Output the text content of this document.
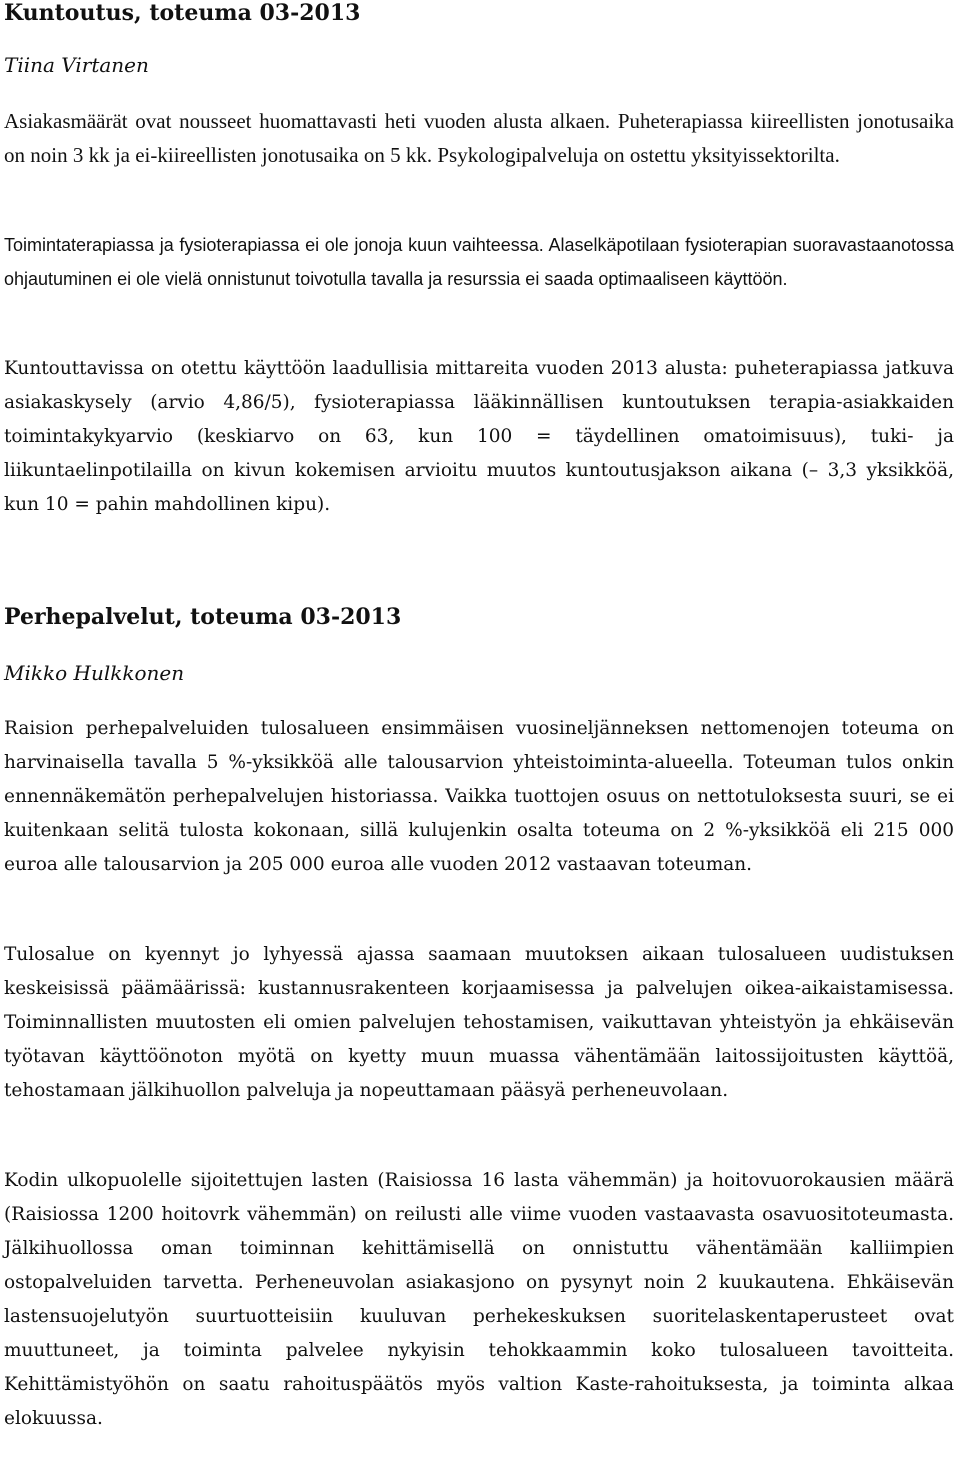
Kuntoutus, toteuma 03-2013

Tiina Virtanen

Asiakasmäärät ovat nousseet huomattavasti heti vuoden alusta alkaen. Puheterapiassa kiireellisten jonotusaika on noin 3 kk ja ei-kiireellisten jonotusaika on 5 kk. Psykologipalveluja on ostettu yksityissektorilta.

Toimintaterapiassa ja fysioterapiassa ei ole jonoja kuun vaihteessa. Alaselkäpotilaan fysioterapian suoravastaanotossa ohjautuminen ei ole vielä onnistunut toivotulla tavalla ja resurssia ei saada optimaaliseen käyttöön.

Kuntouttavissa on otettu käyttöön laadullisia mittareita vuoden 2013 alusta: puheterapiassa jatkuva asiakaskysely (arvio 4,86/5), fysioterapiassa lääkinnällisen kuntoutuksen terapia-asiakkaiden toimintakykyarvio (keskiarvo on 63, kun 100 = täydellinen omatoimisuus), tuki- ja liikuntaelinpotilailla on kivun kokemisen arvioitu muutos kuntoutusjakson aikana (– 3,3 yksikköä, kun 10 = pahin mahdollinen kipu).

Perhepalvelut, toteuma 03-2013

Mikko Hulkkonen

Raision perhepalveluiden tulosalueen ensimmäisen vuosineljänneksen nettomenojen toteuma on harvinaisella tavalla 5 %-yksikköä alle talousarvion yhteistoiminta-alueella. Toteuman tulos onkin ennennäkemätön perhepalvelujen historiassa. Vaikka tuottojen osuus on nettotuloksesta suuri, se ei kuitenkaan selitä tulosta kokonaan, sillä kulujenkin osalta toteuma on 2 %-yksikköä eli 215 000 euroa alle talousarvion ja 205 000 euroa alle vuoden 2012 vastaavan toteuman.

Tulosalue on kyennyt jo lyhyessä ajassa saamaan muutoksen aikaan tulosalueen uudistuksen keskeisissä päämäärissä: kustannusrakenteen korjaamisessa ja palvelujen oikea-aikaistamisessa. Toiminnallisten muutosten eli omien palvelujen tehostamisen, vaikuttavan yhteistyön ja ehkäisevän työtavan käyttöönoton myötä on kyetty muun muassa vähentämään laitossijoitusten käyttöä, tehostamaan jälkihuollon palveluja ja nopeuttamaan pääsyä perheneuvolaan.

Kodin ulkopuolelle sijoitettujen lasten (Raisiossa 16 lasta vähemmän) ja hoitovuorokausien määrä (Raisiossa 1200 hoitovrk vähemmän) on reilusti alle viime vuoden vastaavasta osavuositoteumasta. Jälkihuollossa oman toiminnan kehittämisellä on onnistuttu vähentämään kalliimpien ostopalveluiden tarvetta. Perheneuvolan asiakasjono on pysynyt noin 2 kuukautena. Ehkäisevän lastensuojelutyön suurtuotteisiin kuuluvan perhekeskuksen suoritelaskentaperusteet ovat muuttuneet, ja toiminta palvelee nykyisin tehokkaammin koko tulosalueen tavoitteita. Kehittämistyöhön on saatu rahoituspäätös myös valtion Kaste-rahoituksesta, ja toiminta alkaa elokuussa.
